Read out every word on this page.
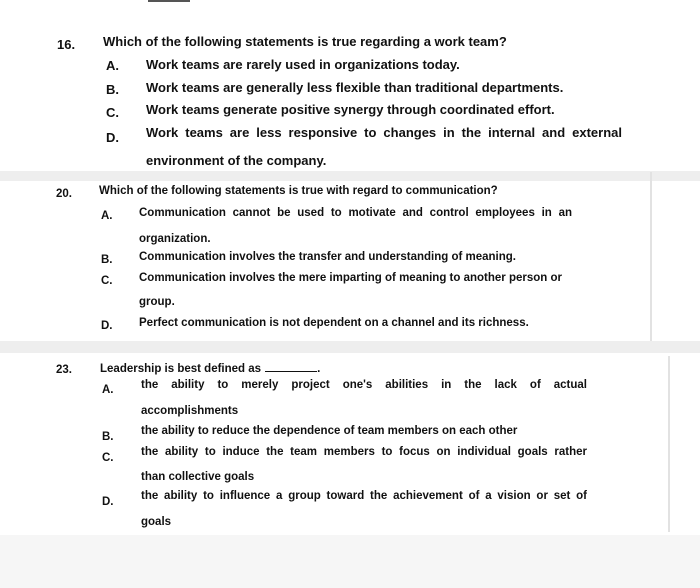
16. Which of the following statements is true regarding a work team?
A. Work teams are rarely used in organizations today.
B. Work teams are generally less flexible than traditional departments.
C. Work teams generate positive synergy through coordinated effort.
D. Work teams are less responsive to changes in the internal and external
environment of the company.
20. Which of the following statements is true with regard to communication?
A. Communication cannot be used to motivate and control employees in an
organization.
B. Communication involves the transfer and understanding of meaning.
C. Communication involves the mere imparting of meaning to another person or
group.
D. Perfect communication is not dependent on a channel and its richness.
23. Leadership is best defined as	.
A. the ability to merely project one's abilities in the lack of actual
accomplishments
B. the ability to reduce the dependence of team members on each other
C. the ability to induce the team members to focus on individual goals rather
than collective goals
D. the ability to influence a group toward the achievement of a vision or set of
goals
